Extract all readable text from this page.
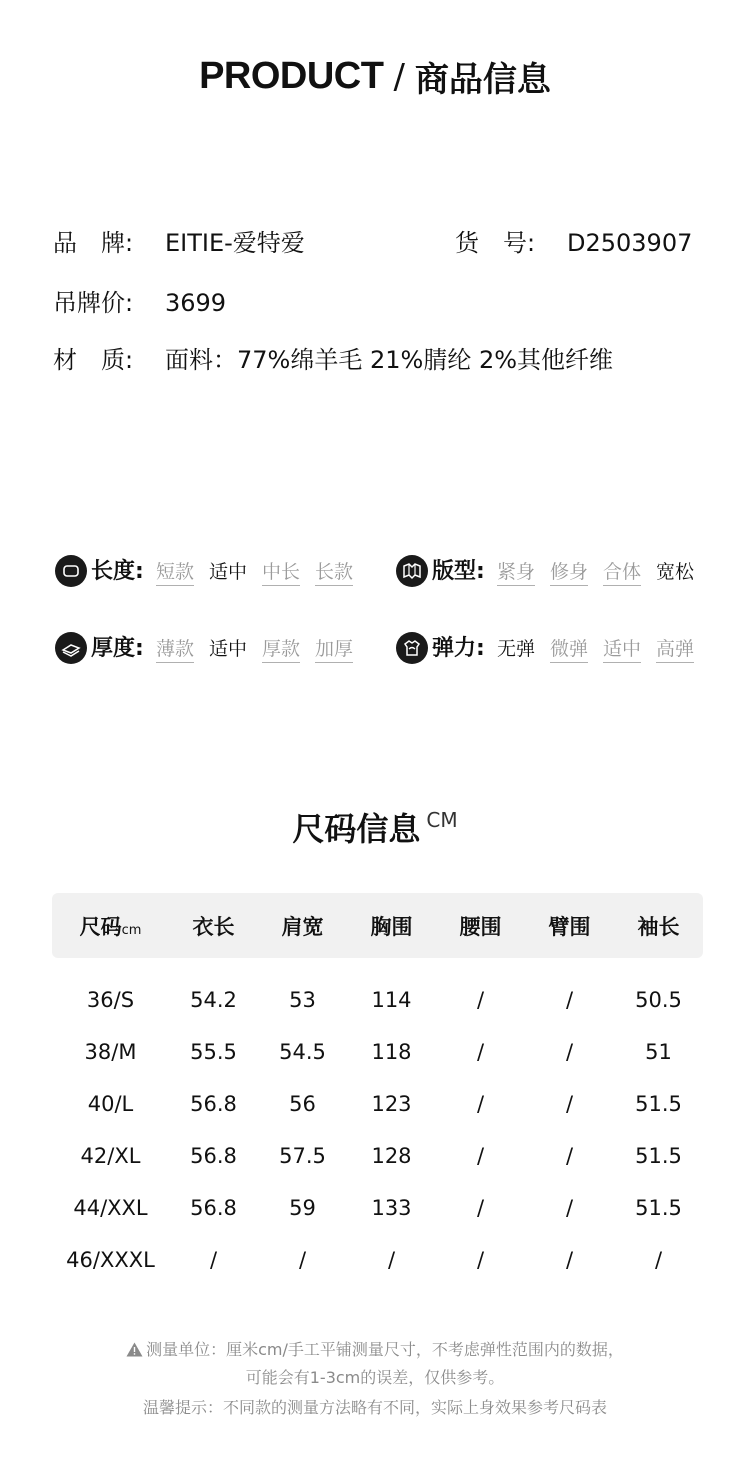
PRODUCT / 商品信息
品　牌: EITIE-爱特爱	货　号: D2503907
吊牌价: 3699
材　质: 面料：77%绵羊毛 21%腈纶 2%其他纤维
长度: 短款 适中 中长 长款	版型: 紧身 修身 合体 宽松
厚度: 薄款 适中 厚款 加厚	弹力: 无弹 微弹 适中 高弹
尺码信息 CM
尺码cm	衣长	肩宽	胸围	腰围	臂围	袖长
36/S	54.2	53	114	/	/	50.5
38/M	55.5	54.5	118	/	/	51
40/L	56.8	56	123	/	/	51.5
42/XL	56.8	57.5	128	/	/	51.5
44/XXL	56.8	59	133	/	/	51.5
46/XXXL	/	/	/	/	/	/
测量单位：厘米cm/手工平铺测量尺寸，不考虑弹性范围内的数据，
可能会有1-3cm的误差，仅供参考。
温馨提示：不同款的测量方法略有不同，实际上身效果参考尺码表
